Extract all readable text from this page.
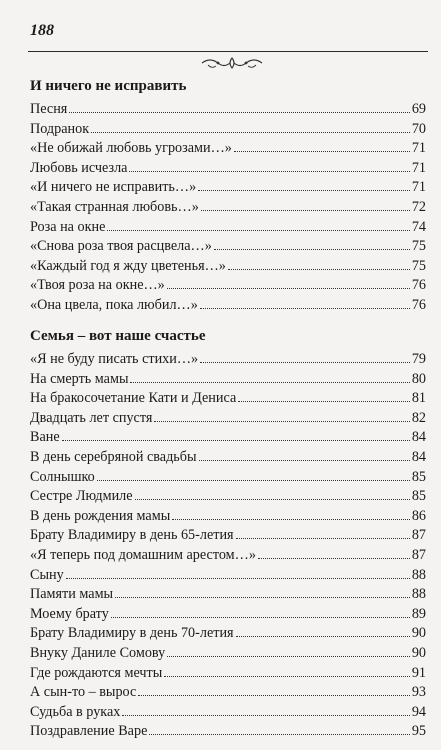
188
И ничего не исправить
Песня	69
Подранок	70
«Не обижай любовь угрозами…»	71
Любовь исчезла	71
«И ничего не исправить…»	71
«Такая странная любовь…»	72
Роза на окне	74
«Снова роза твоя расцвела…»	75
«Каждый год я жду цветенья…»	75
«Твоя роза на окне…»	76
«Она цвела, пока любил…»	76
Семья – вот наше счастье
«Я не буду писать стихи…»	79
На смерть мамы	80
На бракосочетание Кати и Дениса	81
Двадцать лет спустя	82
Ване	84
В день серебряной свадьбы	84
Солнышко	85
Сестре Людмиле	85
В день рождения мамы	86
Брату Владимиру в день 65-летия	87
«Я теперь под домашним арестом…»	87
Сыну	88
Памяти мамы	88
Моему брату	89
Брату Владимиру в день 70-летия	90
Внуку Даниле Сомову	90
Где рождаются мечты	91
А сын-то – вырос	93
Судьба в руках	94
Поздравление Варе	95
